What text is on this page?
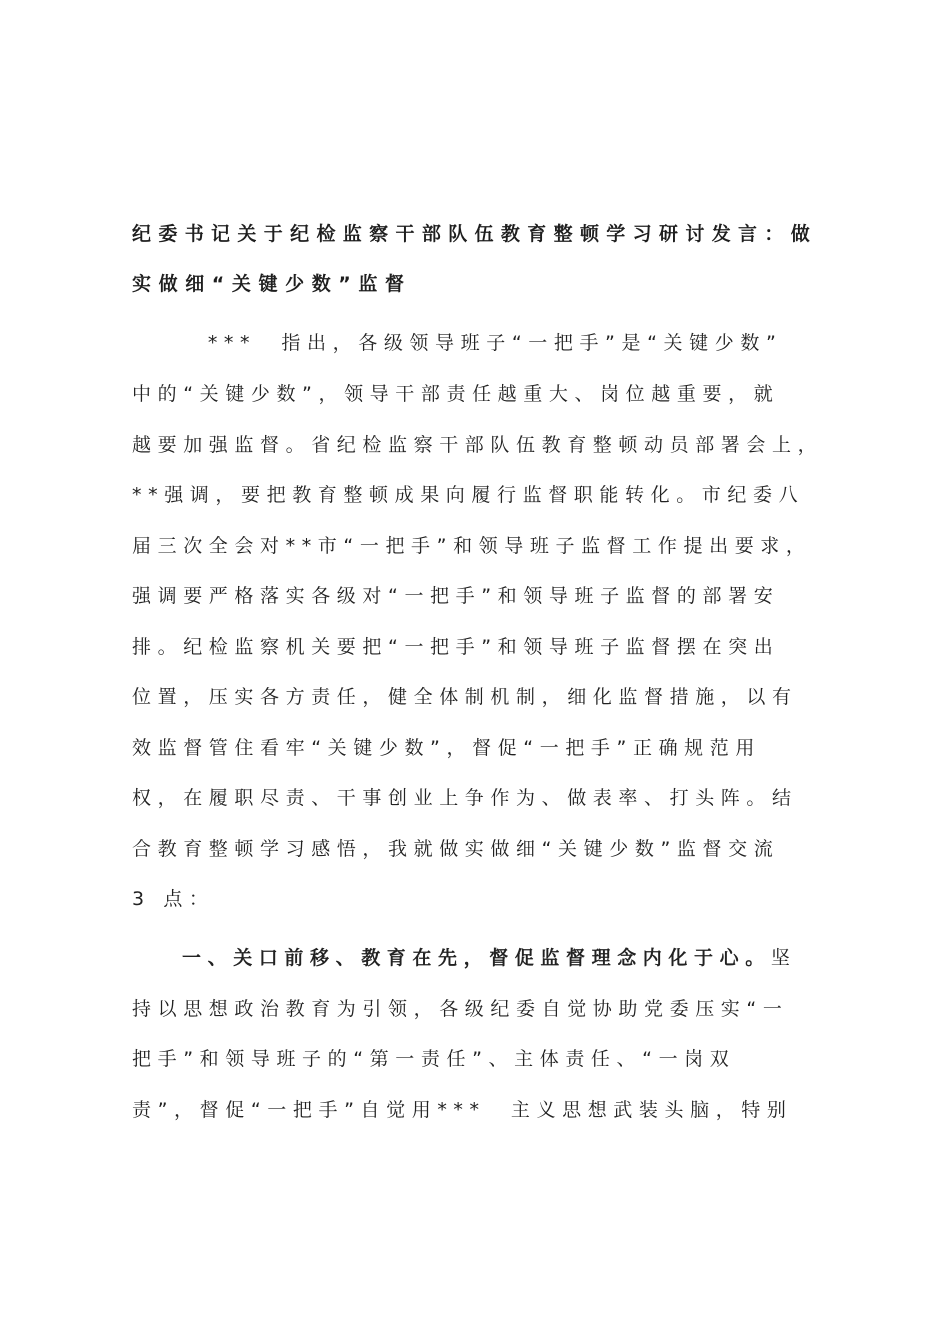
纪委书记关于纪检监察干部队伍教育整顿学习研讨发言：做
实做细“关键少数”监督
***  指出，各级领导班子“一把手”是“关键少数”
中的“关键少数”，领导干部责任越重大、岗位越重要，就
越要加强监督。省纪检监察干部队伍教育整顿动员部署会上，
**强调，要把教育整顿成果向履行监督职能转化。市纪委八
届三次全会对**市“一把手”和领导班子监督工作提出要求，
强调要严格落实各级对“一把手”和领导班子监督的部署安
排。纪检监察机关要把“一把手”和领导班子监督摆在突出
位置，压实各方责任，健全体制机制，细化监督措施，以有
效监督管住看牢“关键少数”，督促“一把手”正确规范用
权，在履职尽责、干事创业上争作为、做表率、打头阵。结
合教育整顿学习感悟，我就做实做细“关键少数”监督交流
3 点：
一、关口前移、教育在先，督促监督理念内化于心。坚
持以思想政治教育为引领，各级纪委自觉协助党委压实“一
把手”和领导班子的“第一责任”、主体责任、“一岗双
责”，督促“一把手”自觉用***  主义思想武装头脑，特别
